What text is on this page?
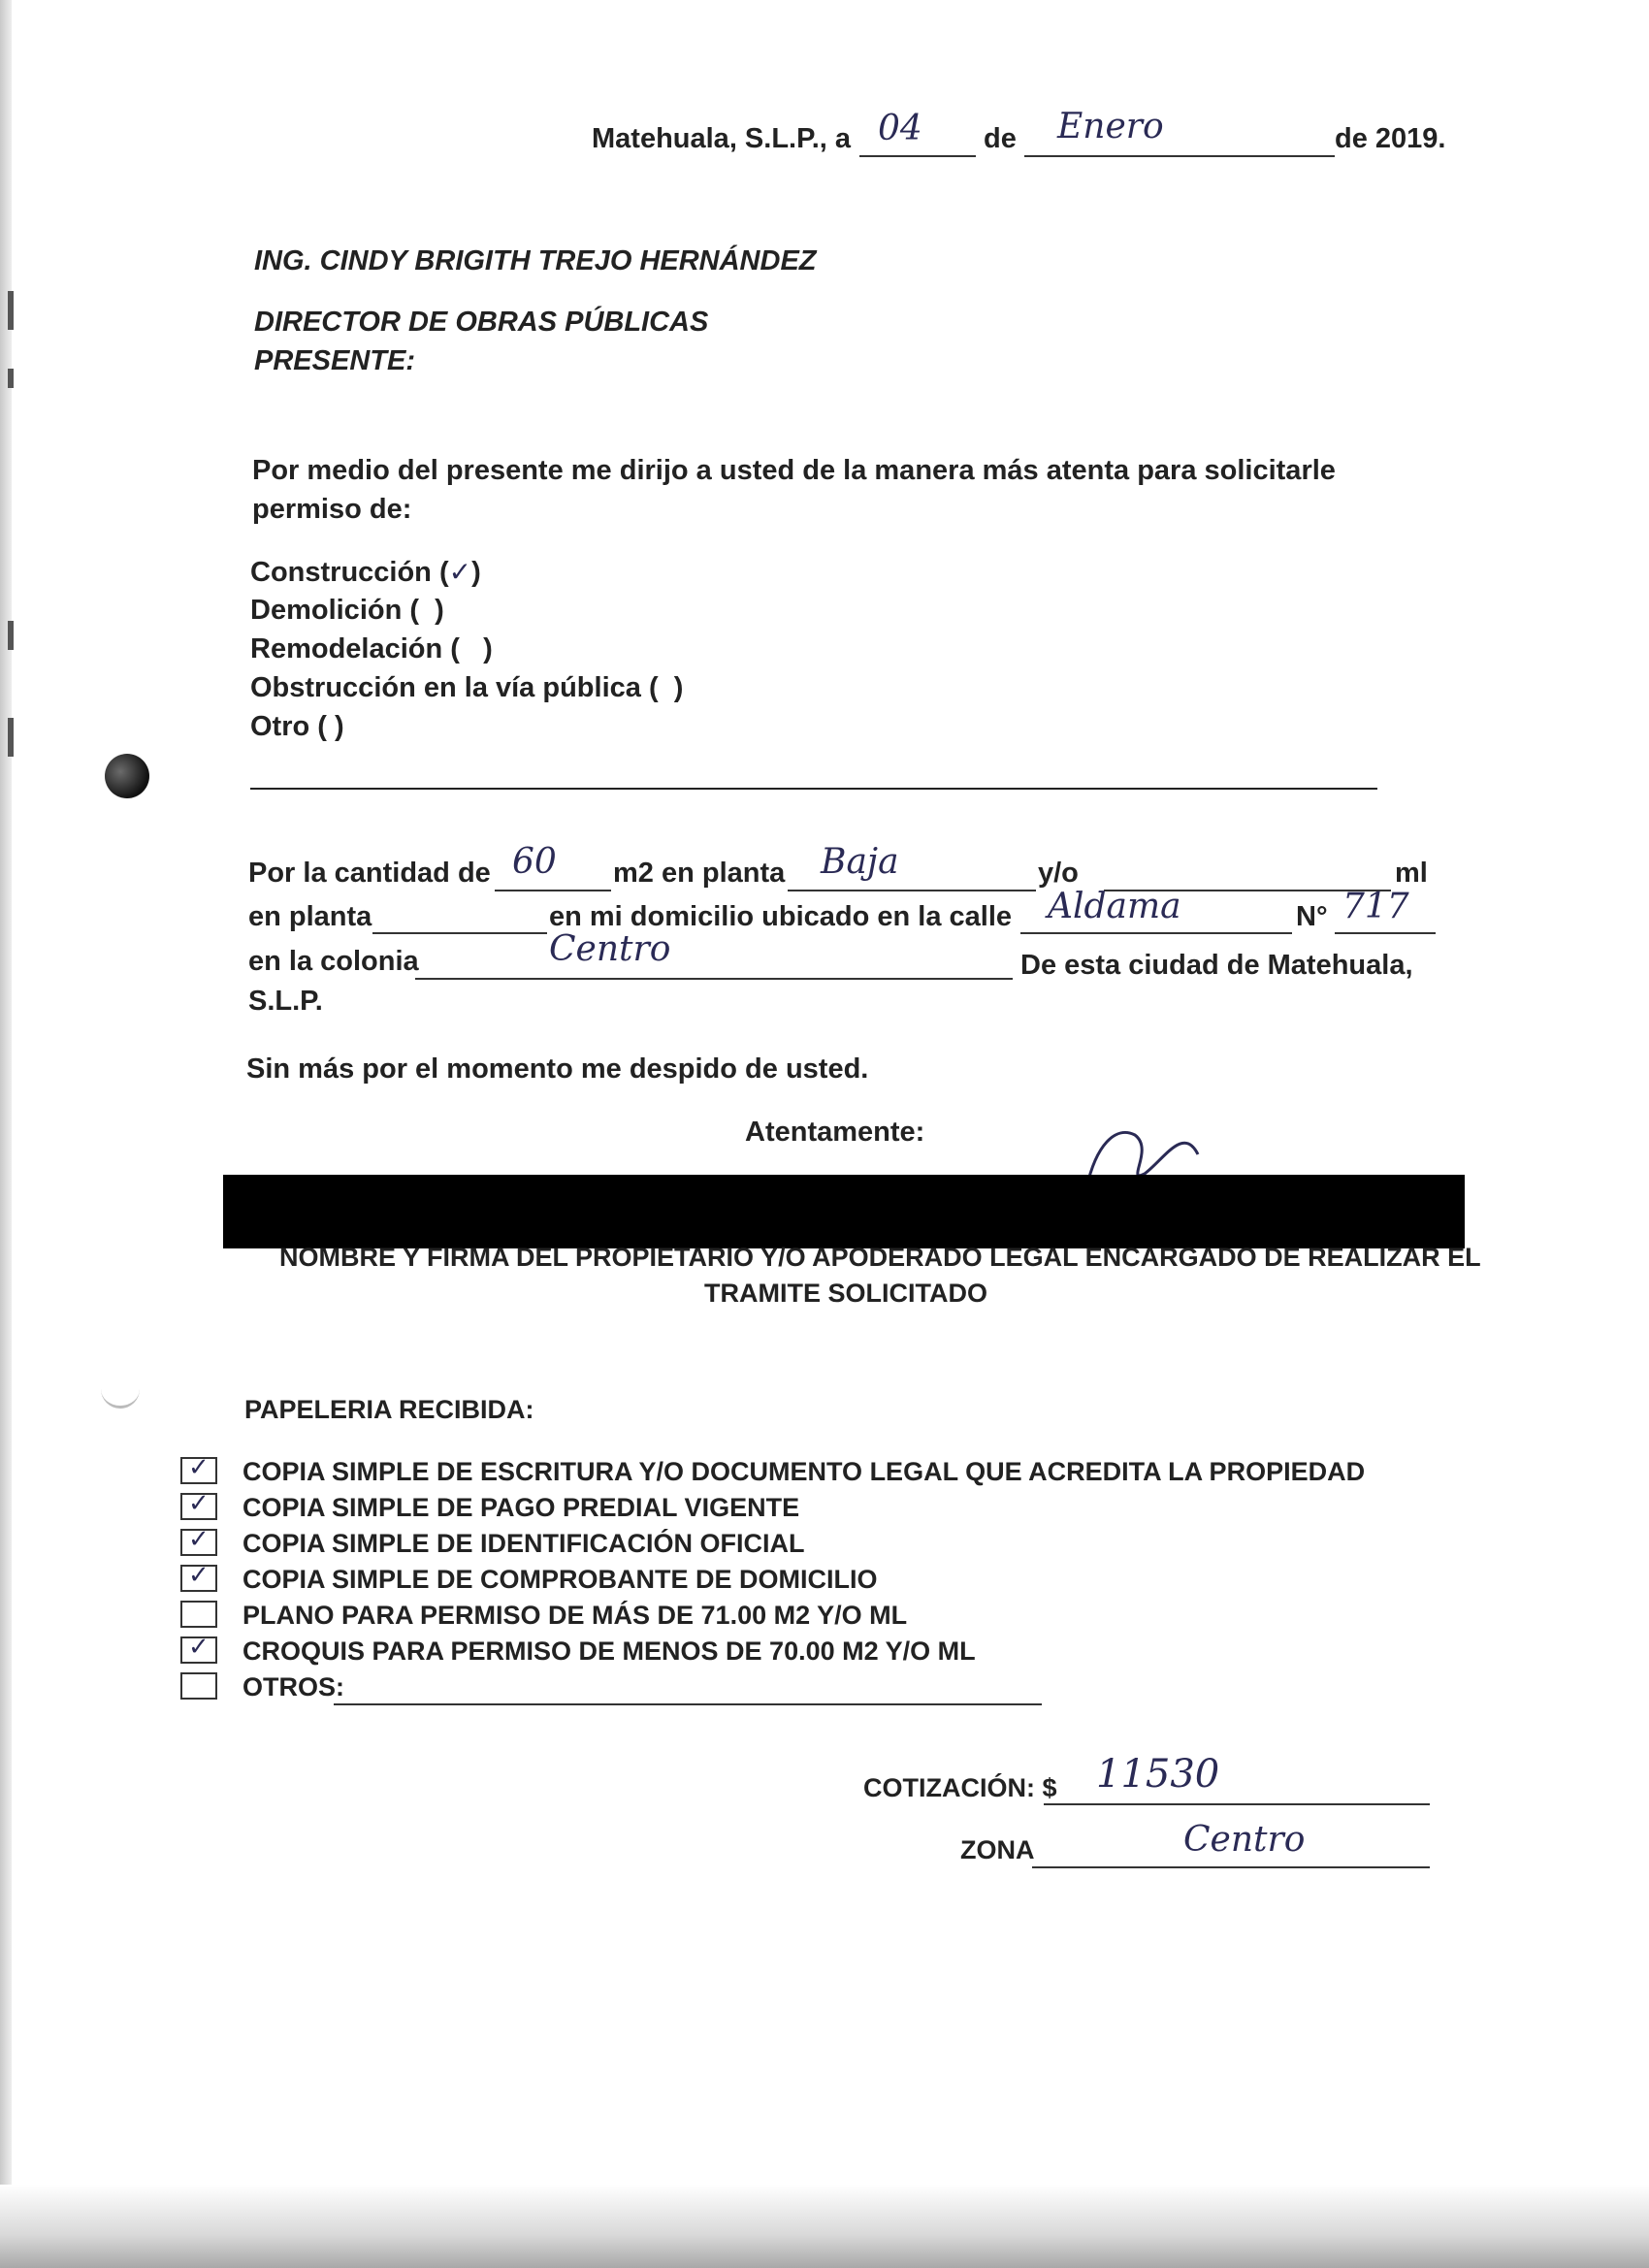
Matehuala, S.L.P., a 04 de Enero	de 2019.
ING. CINDY BRIGITH TREJO HERNÁNDEZ
DIRECTOR DE OBRAS PÚBLICAS
PRESENTE:
Por medio del presente me dirijo a usted de la manera más atenta para solicitarle
permiso de:
Construcción (✓)
Demolición ( )
Remodelación ( )
Obstrucción en la vía pública ( )
Otro ( )
Por la cantidad de 60 m2 en planta Baja	y/o	ml
en planta	en mi domicilio ubicado en la calle Aldama	N° 717
en la colonia	Centro	De esta ciudad de Matehuala,
S.L.P.
Sin más por el momento me despido de usted.
Atentamente:
NOMBRE Y FIRMA DEL PROPIETARIO Y/O APODERADO LEGAL ENCARGADO DE REALIZAR EL
TRAMITE SOLICITADO
PAPELERIA RECIBIDA:
✓ COPIA SIMPLE DE ESCRITURA Y/O DOCUMENTO LEGAL QUE ACREDITA LA PROPIEDAD
✓ COPIA SIMPLE DE PAGO PREDIAL VIGENTE
✓ COPIA SIMPLE DE IDENTIFICACIÓN OFICIAL
✓ COPIA SIMPLE DE COMPROBANTE DE DOMICILIO
PLANO PARA PERMISO DE MÁS DE 71.00 M2 Y/O ML
✓ CROQUIS PARA PERMISO DE MENOS DE 70.00 M2 Y/O ML
OTROS:
COTIZACIÓN: $ 11530
ZONA	Centro
